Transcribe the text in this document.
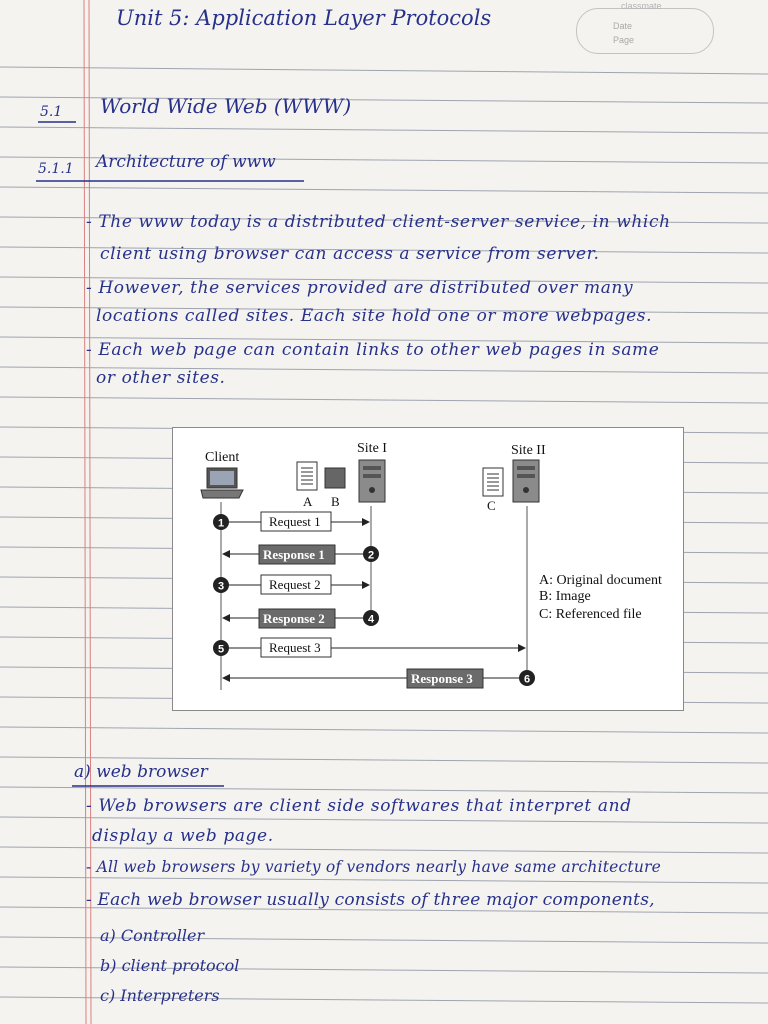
classmate
Date
Page
Unit 5: Application Layer Protocols
5.1 World Wide Web (WWW)
5.1.1 Architecture of www
- The www today is a distributed client-server service, in which
client using browser can access a service from server.
- However, the services provided are distributed over many
locations called sites. Each site hold one or more webpages.
- Each web page can contain links to other web pages in same
or other sites.
Client
Site I	Site II
A B	C
Request 1
1
Response 1	2
Request 2
3
Response 2	4
Request 3
5
Response 3	6
A: Original document
B: Image
C: Referenced file
a) web browser
- Web browsers are client side softwares that interpret and
display a web page.
- All web browsers by variety of vendors nearly have same architecture
- Each web browser usually consists of three major components,
a) Controller
b) client protocol
c) Interpreters
